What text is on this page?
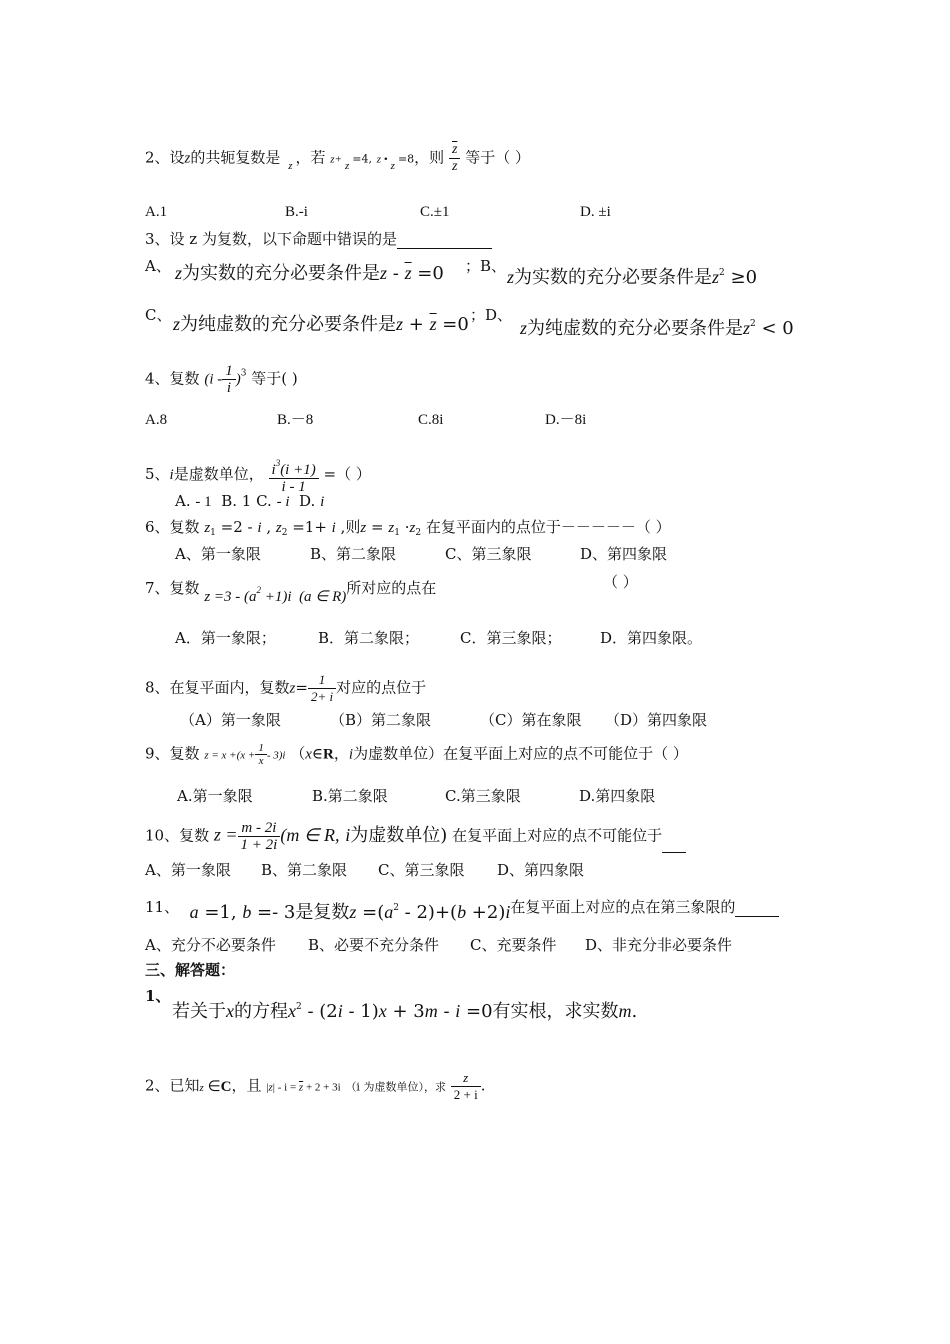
2、设z的共轭复数是 z ，若 z+ z =4, z • z =8，则 $\frac{\overline{z}}{z}$ 等于（ ）
A.1	B.-i	C.±1	D. ±i
3、设 z 为复数，以下命题中错误的是
A、 z为实数的充分必要条件是$z - \overline{z} =0$ ；B、
z为实数的充分必要条件是$z^2 \ge 0$
C、 z为纯虚数的充分必要条件是$z + \overline{z} =0$ ；D、
z为纯虚数的充分必要条件是$z^2 < 0$
4、复数 $(i - \frac{1}{i} )^3$ 等于( )
A.8	B.－8	C.8i	D.－8i
5、i是虚数单位， $\frac{i^3(i +1)}{i - 1}$ =（ ）
A. - 1 B. 1 C. - i D. i
6、复数 $z_1 =2 - i$ , $z_2 =1+ i$ ,则$z = z_1 \cdot z_2$ 在复平面内的点位于－－－－－（ ）
A、第一象限	B、第二象限	C、第三象限	D、第四象限
7、复数 $z =3 - (a^2 +1)i$  (a ∈ R)所对应的点在	（ ）
A．第一象限；	B．第二象限；	C．第三象限；	D．第四象限。
8、在复平面内，复数$z= \frac{1}{2+ i}$ 对应的点位于
（A）第一象限	（B）第二象限	（C）第在象限 （D）第四象限
9、复数 $z = x +(x + \frac{1}{x} - 3)i$ （x∈R，i为虚数单位）在复平面上对应的点不可能位于（ ）
A.第一象限	B.第二象限	C.第三象限	D.第四象限
10、复数 $z = \frac{m - 2i}{1 + 2i} (m$ ∈ R, i为虚数单位) 在复平面上对应的点不可能位于
A、第一象限 B、第二象限 C、第三象限 D、第四象限
11、 a =1, b =- 3是复数$z =(a^2 - 2)+(b +2)i$在复平面上对应的点在第三象限的
A、充分不必要条件 B、必要不充分条件 C、充要条件 D、非充分非必要条件
三、解答题：
1、
若关于x的方程$x^2 - (2i - 1)x + 3m - i =0$有实根，求实数m.
2、已知z ∈C，且 $|z| - i = \overline{z} + 2 + 3i$ （i 为虚数单位），求 $\frac{z}{2 + i}$ .
